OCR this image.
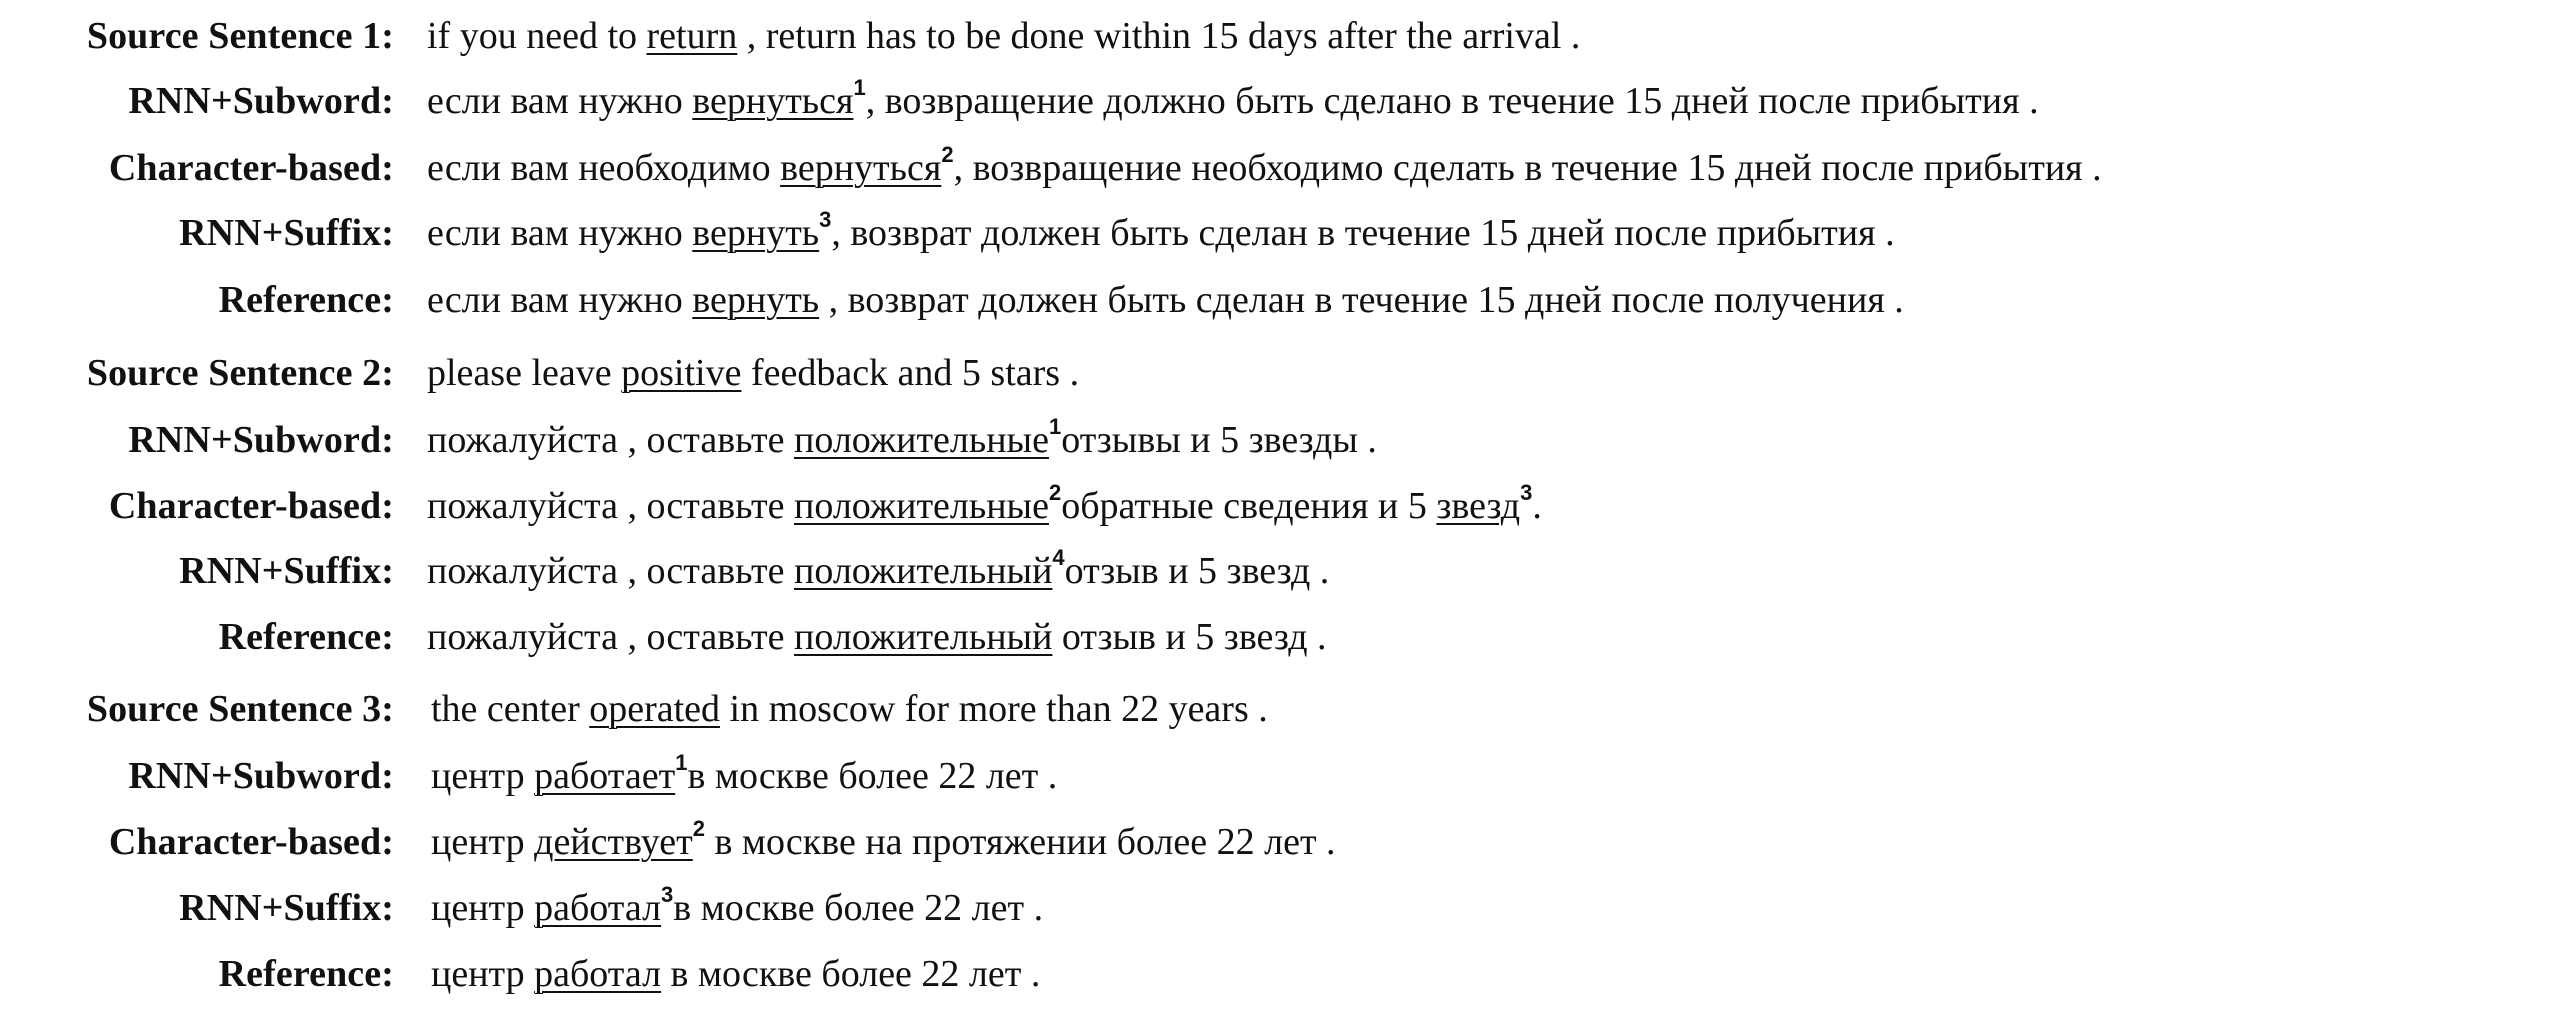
Source Sentence 1: if you need to return , return has to be done within 15 days after the arrival .
RNN+Subword: если вам нужно вернуться$^1$, возвращение должно быть сделано в течение 15 дней после прибытия .
Character-based: если вам необходимо вернуться$^2$, возвращение необходимо сделать в течение 15 дней после прибытия .
RNN+Suffix: если вам нужно вернуть$^3$, возврат должен быть сделан в течение 15 дней после прибытия .
Reference: если вам нужно вернуть , возврат должен быть сделан в течение 15 дней после получения .
Source Sentence 2: please leave positive feedback and 5 stars .
RNN+Subword: пожалуйста , оставьте положительные$^1$отзывы и 5 звезды .
Character-based: пожалуйста , оставьте положительные$^2$обратные сведения и 5 звезд$^3$.
RNN+Suffix: пожалуйста , оставьте положительный$^4$отзыв и 5 звезд .
Reference: пожалуйста , оставьте положительный отзыв и 5 звезд .
Source Sentence 3: the center operated in moscow for more than 22 years .
RNN+Subword: центр работает$^1$в москве более 22 лет .
Character-based: центр действует$^2$ в москве на протяжении более 22 лет .
RNN+Suffix: центр работал$^3$в москве более 22 лет .
Reference: центр работал в москве более 22 лет .
